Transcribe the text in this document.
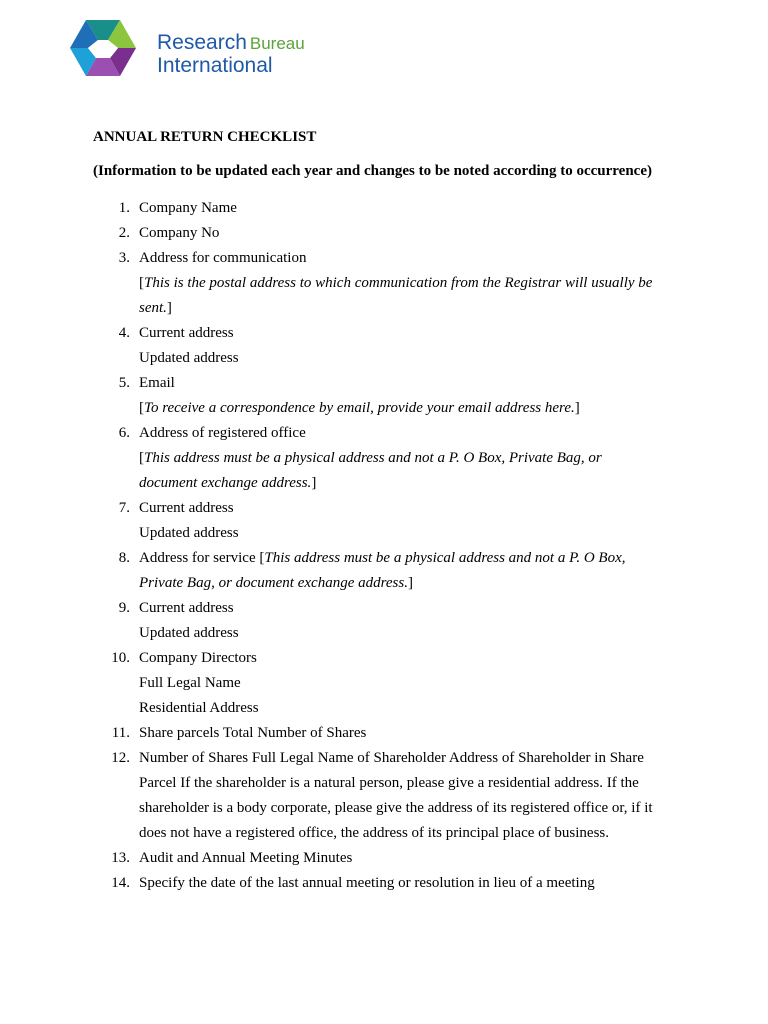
Research Bureau
International
ANNUAL RETURN CHECKLIST
(Information to be updated each year and changes to be noted according to occurrence)
1. Company Name
2. Company No
3. Address for communication
[This is the postal address to which communication from the Registrar will usually be
sent.]
4. Current address
Updated address
5. Email
[To receive a correspondence by email, provide your email address here.]
6. Address of registered office
[This address must be a physical address and not a P. O Box, Private Bag, or
document exchange address.]
7. Current address
Updated address
8. Address for service [This address must be a physical address and not a P. O Box,
Private Bag, or document exchange address.]
9. Current address
Updated address
10. Company Directors
Full Legal Name
Residential Address
11. Share parcels Total Number of Shares
12. Number of Shares Full Legal Name of Shareholder Address of Shareholder in Share
Parcel If the shareholder is a natural person, please give a residential address. If the
shareholder is a body corporate, please give the address of its registered office or, if it
does not have a registered office, the address of its principal place of business.
13. Audit and Annual Meeting Minutes
14. Specify the date of the last annual meeting or resolution in lieu of a meeting
